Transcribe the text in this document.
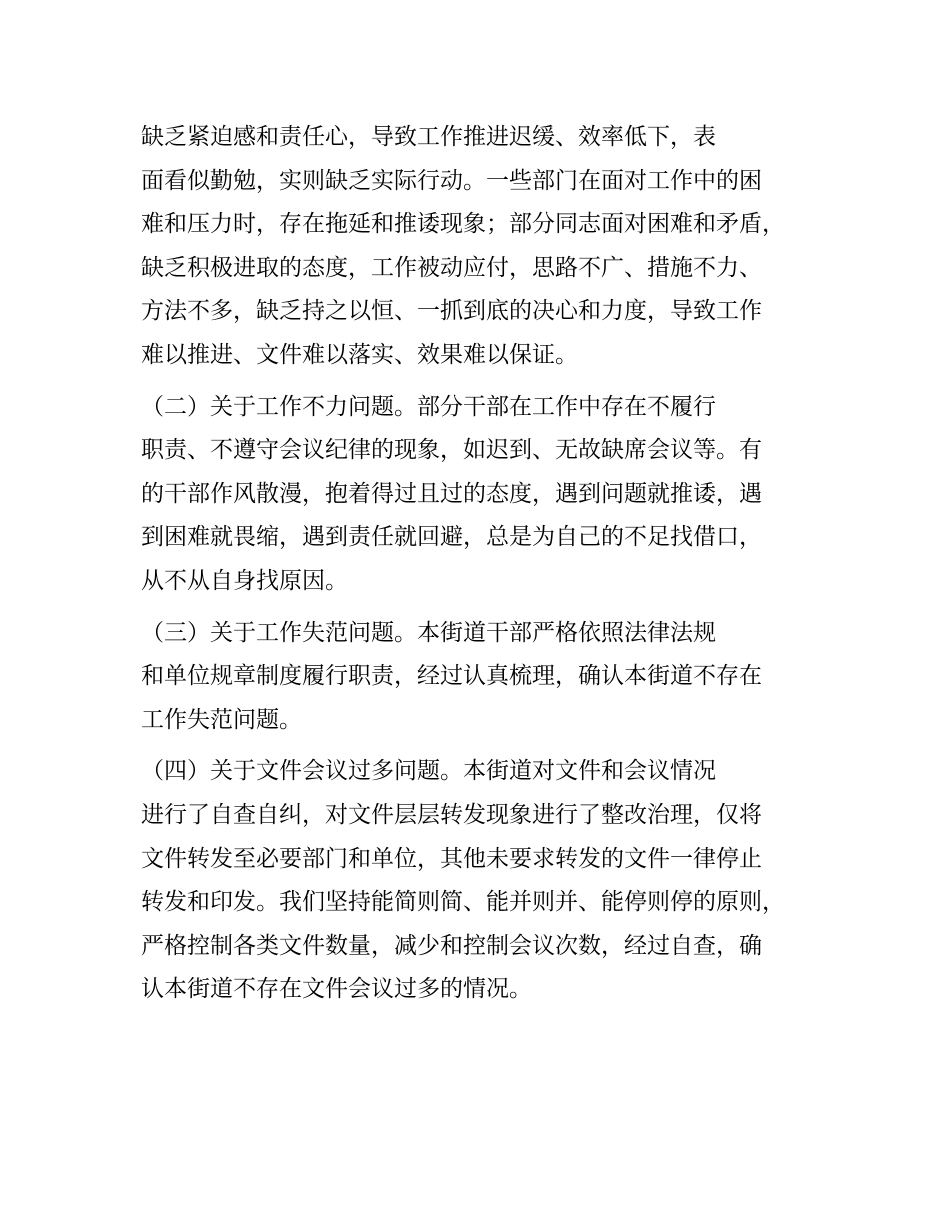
缺乏紧迫感和责任心，导致工作推进迟缓、效率低下，表
面看似勤勉，实则缺乏实际行动。一些部门在面对工作中的困
难和压力时，存在拖延和推诿现象；部分同志面对困难和矛盾，
缺乏积极进取的态度，工作被动应付，思路不广、措施不力、
方法不多，缺乏持之以恒、一抓到底的决心和力度，导致工作
难以推进、文件难以落实、效果难以保证。

（二）关于工作不力问题。部分干部在工作中存在不履行
职责、不遵守会议纪律的现象，如迟到、无故缺席会议等。有
的干部作风散漫，抱着得过且过的态度，遇到问题就推诿，遇
到困难就畏缩，遇到责任就回避，总是为自己的不足找借口，
从不从自身找原因。

（三）关于工作失范问题。本街道干部严格依照法律法规
和单位规章制度履行职责，经过认真梳理，确认本街道不存在
工作失范问题。

（四）关于文件会议过多问题。本街道对文件和会议情况
进行了自查自纠，对文件层层转发现象进行了整改治理，仅将
文件转发至必要部门和单位，其他未要求转发的文件一律停止
转发和印发。我们坚持能简则简、能并则并、能停则停的原则，
严格控制各类文件数量，减少和控制会议次数，经过自查，确
认本街道不存在文件会议过多的情况。
